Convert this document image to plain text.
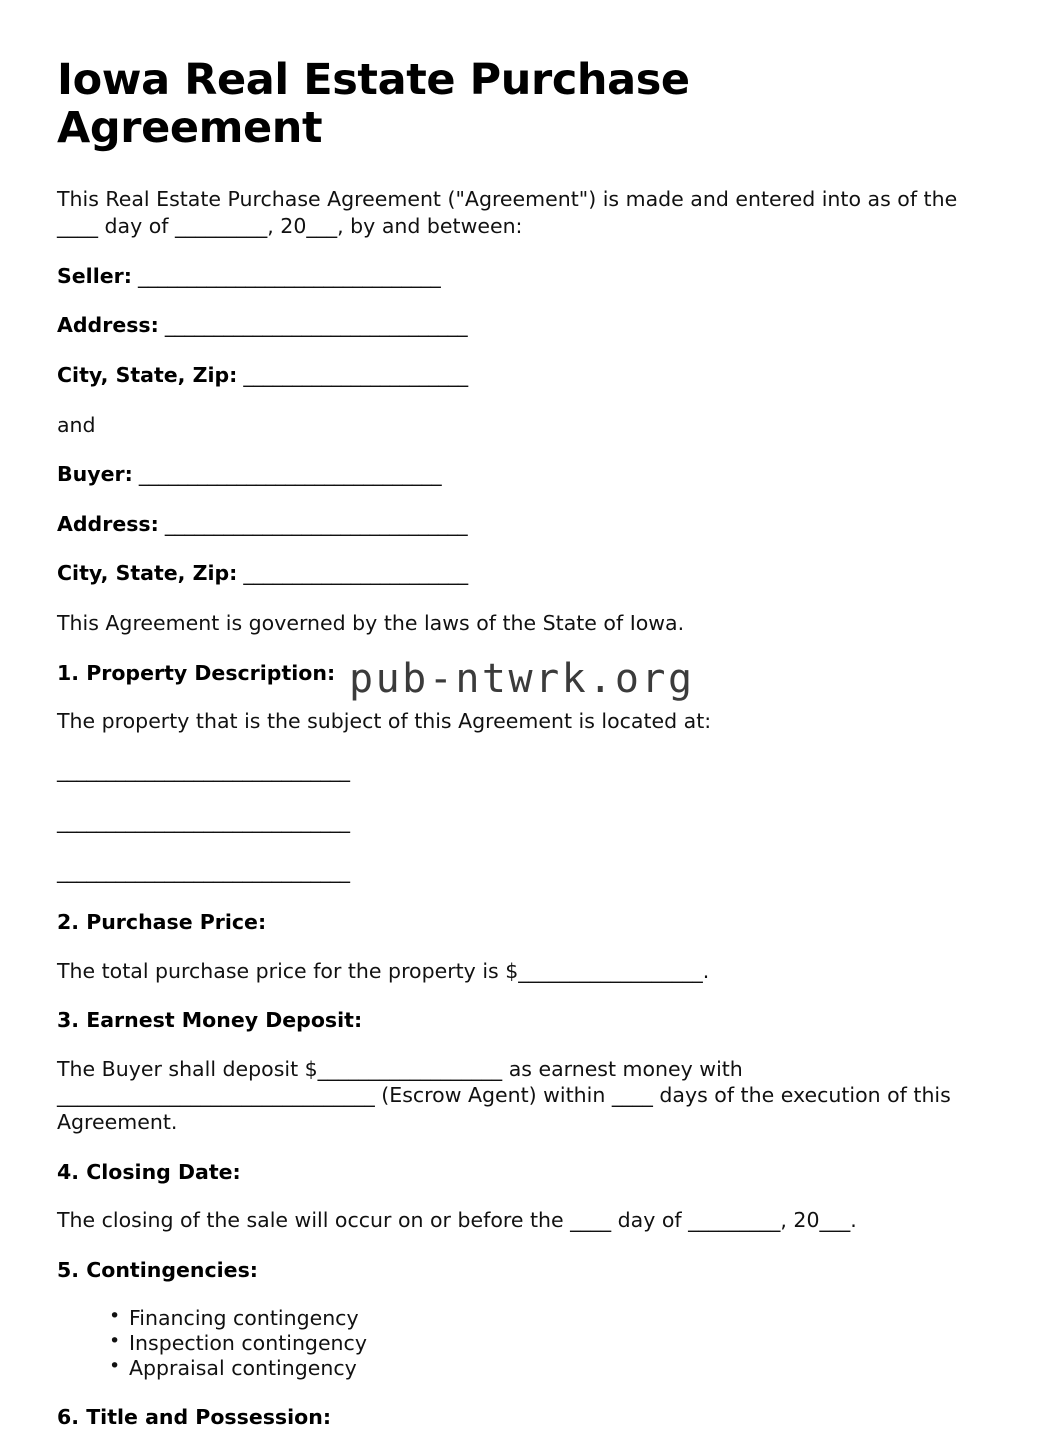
Iowa Real Estate Purchase Agreement

This Real Estate Purchase Agreement ("Agreement") is made and entered into as of the ____ day of _________, 20___, by and between:

Seller: _______________________________
Address: _______________________________
City, State, Zip: _______________________

and

Buyer: _______________________________
Address: _______________________________
City, State, Zip: _______________________

This Agreement is governed by the laws of the State of Iowa.

1. Property Description:

The property that is the subject of this Agreement is located at:

______________________________
______________________________
______________________________
2. Purchase Price:

The total purchase price for the property is $__________________.

3. Earnest Money Deposit:

The Buyer shall deposit $__________________ as earnest money with _______________________________ (Escrow Agent) within ____ days of the execution of this Agreement.

4. Closing Date:

The closing of the sale will occur on or before the ____ day of _________, 20___.

5. Contingencies:
• Financing contingency
• Inspection contingency
• Appraisal contingency
6. Title and Possession:
pub-ntwrk.org
